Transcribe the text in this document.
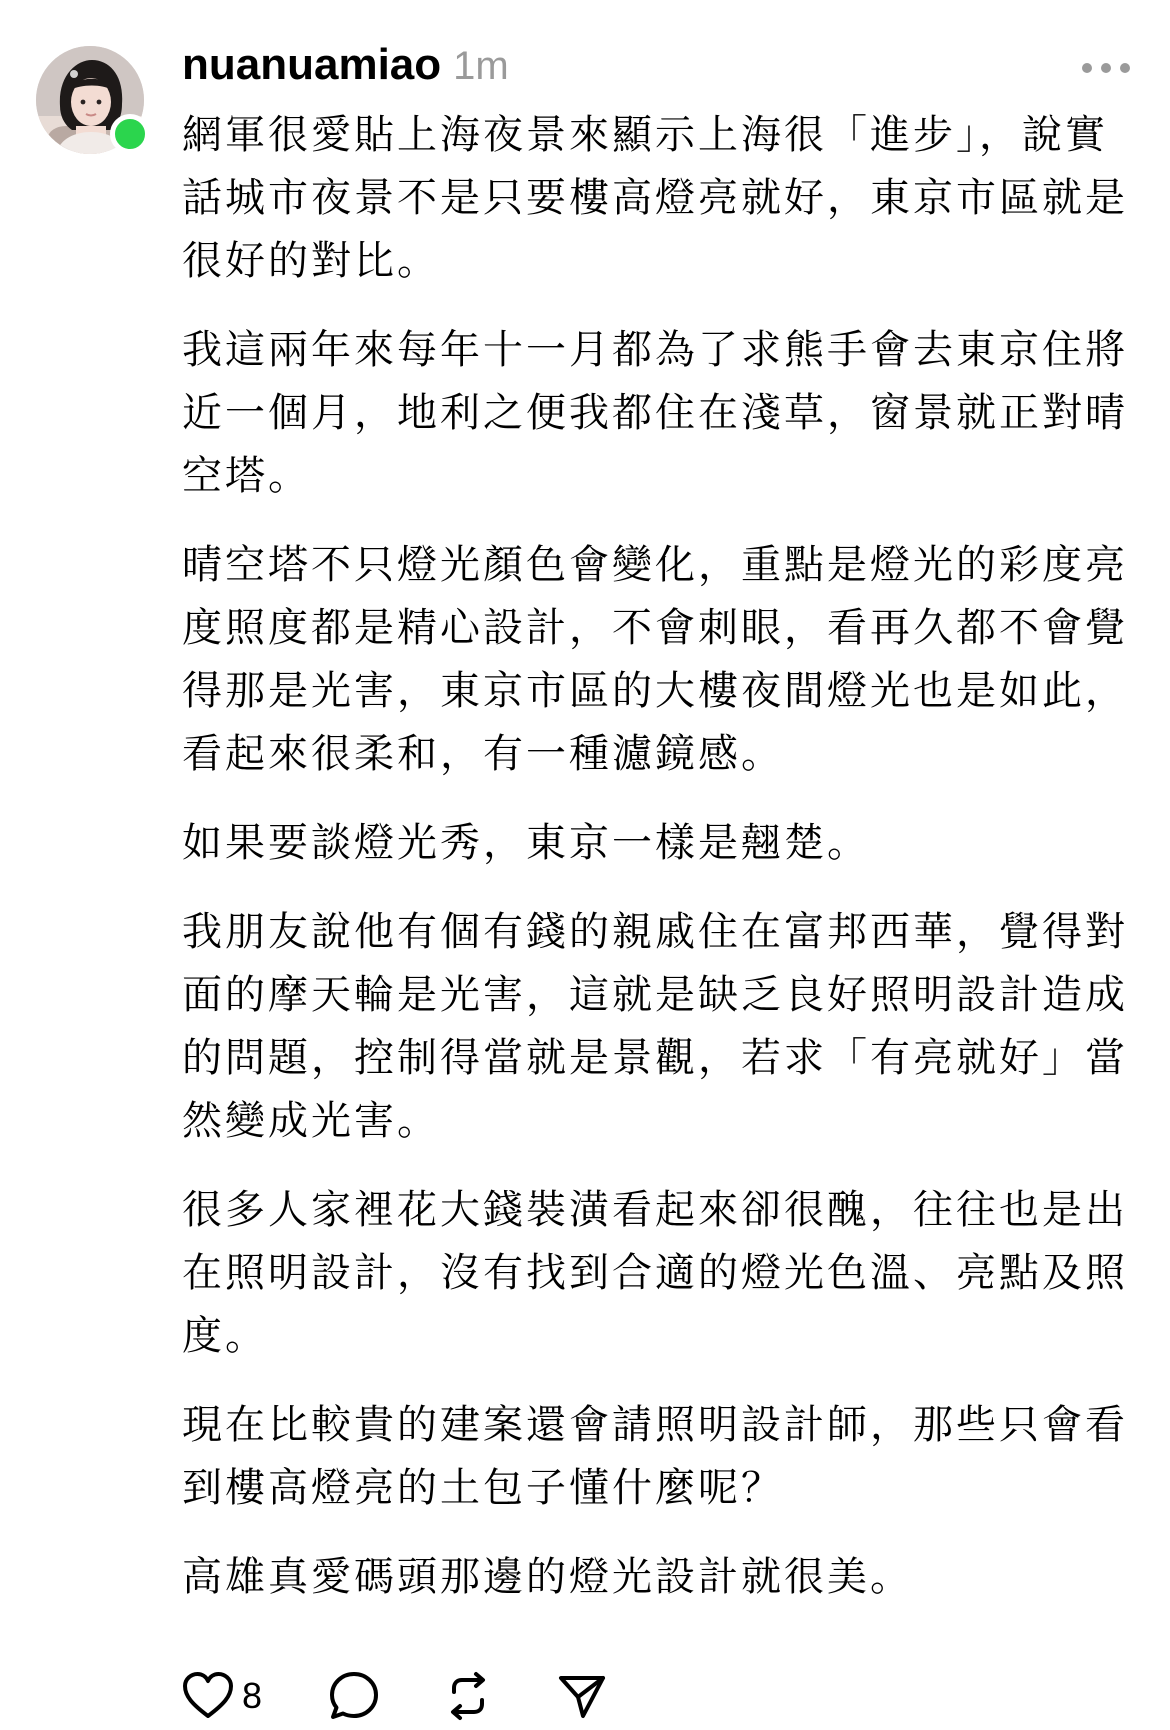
nuanuamiao 1m

網軍很愛貼上海夜景來顯示上海很「進步」，說實話城市夜景不是只要樓高燈亮就好，東京市區就是很好的對比。

我這兩年來每年十一月都為了求熊手會去東京住將近一個月，地利之便我都住在淺草，窗景就正對晴空塔。

晴空塔不只燈光顏色會變化，重點是燈光的彩度亮度照度都是精心設計，不會刺眼，看再久都不會覺得那是光害，東京市區的大樓夜間燈光也是如此，看起來很柔和，有一種濾鏡感。

如果要談燈光秀，東京一樣是翹楚。

我朋友說他有個有錢的親戚住在富邦西華，覺得對面的摩天輪是光害，這就是缺乏良好照明設計造成的問題，控制得當就是景觀，若求「有亮就好」當然變成光害。

很多人家裡花大錢裝潢看起來卻很醜，往往也是出在照明設計，沒有找到合適的燈光色溫、亮點及照度。

現在比較貴的建案還會請照明設計師，那些只會看到樓高燈亮的土包子懂什麼呢？

高雄真愛碼頭那邊的燈光設計就很美。

8
